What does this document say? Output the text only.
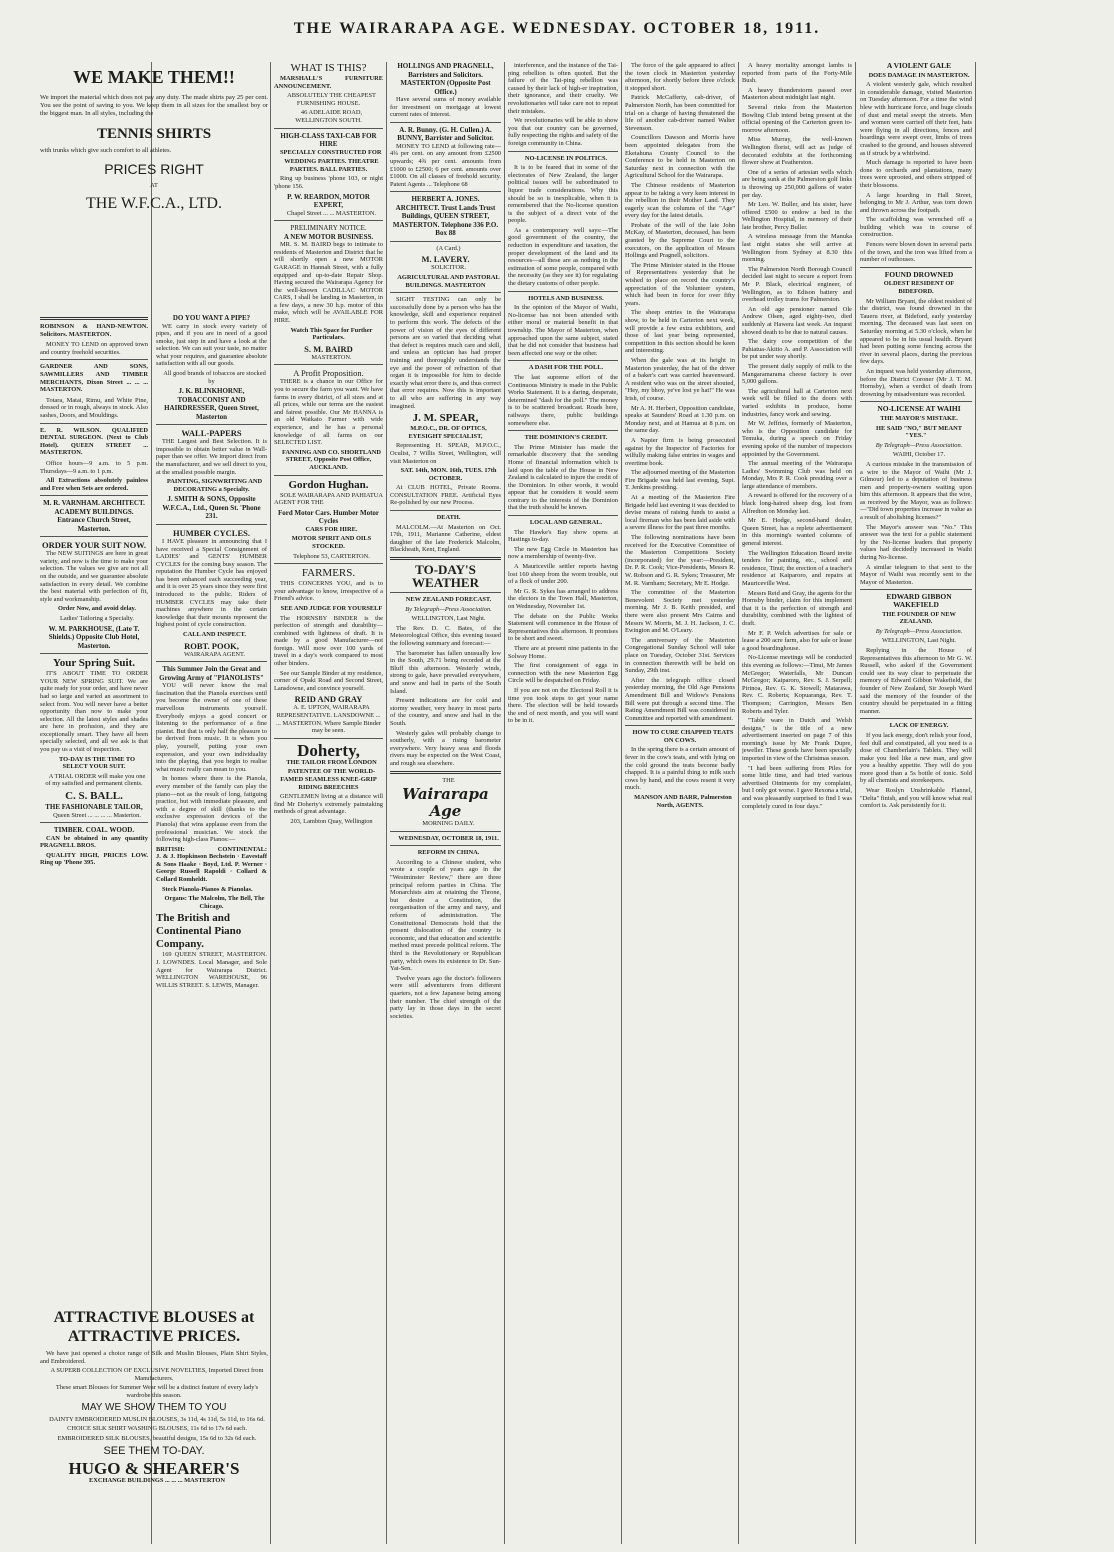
THE WAIRARAPA AGE. WEDNESDAY. OCTOBER 18, 1911.
WE MAKE THEM!!

We import the material which does not pay any duty. The made shirts pay 25 per cent. You see the point of saving to you. We keep them in all sizes for the smallest boy or the biggest man. In all styles, including the

TENNIS SHIRTS

with trunks which give such comfort to all athletes.

PRICES RIGHT
AT
THE W.F.C.A., LTD.
ROBINSON & HAND-NEWTON. Solicitors. MASTERTON.

MONEY TO LEND on approved town and country freehold securities.

GARDNER AND SONS, SAWMILLERS AND TIMBER MERCHANTS, Dixon Street ... ... ... MASTERTON.

Totara, Matai, Rimu, and White Pine, dressed or in rough, always in stock. Also sashes, Doors, and Mouldings.

E. R. WILSON. QUALIFIED DENTAL SURGEON. (Next to Club Hotel). QUEEN STREET ... MASTERTON.

Office hours—9 a.m. to 5 p.m. Thursdays—9 a.m. to 1 p.m.

All Extractions absolutely painless and Free when Sets are ordered.

M. R. VARNHAM. ARCHITECT. ACADEMY BUILDINGS. Entrance Church Street, Masterton.
ORDER YOUR SUIT NOW.

The NEW SUITINGS are here in great variety, and now is the time to make your selection. The values we give are not all on the outside, and we guarantee absolute satisfaction in every detail. We combine the best material with perfection of fit, style and workmanship.

Order Now, and avoid delay.

Ladies' Tailoring a Specialty.

W. M. PARKHOUSE, (Late T. Shields.) Opposite Club Hotel, Masterton.
Your Spring Suit.

IT'S ABOUT TIME TO ORDER YOUR NEW SPRING SUIT. We are quite ready for your order, and have never had so large and varied an assortment to select from. You will never have a better opportunity than now to make your selection. All the latest styles and shades are here in profusion, and they are exceptionally smart. They have all been specially selected, and all we ask is that you pay us a visit of inspection.

TO-DAY IS THE TIME TO SELECT YOUR SUIT.

A TRIAL ORDER will make you one of my satisfied and permanent clients.

C. S. BALL.
THE FASHIONABLE TAILOR,

Queen Street ... ... ... ... Masterton.

TIMBER. COAL. WOOD.

CAN be obtained in any quantity PRAGNELL BROS.

QUALITY HIGH, PRICES LOW. Ring up 'Phone 395.

DO YOU WANT A PIPE?

WE carry in stock every variety of pipes, and if you are in need of a good smoke, just step in and have a look at the selection. We can suit your taste, no matter what your requires, and guarantee absolute satisfaction with all our goods.

All good brands of tobaccos are stocked by

J. K. BLINKHORNE, TOBACCONIST AND HAIRDRESSER, Queen Street, Masterton
WALL-PAPERS

THE Largest and Best Selection. It is impossible to obtain better value in Wall-paper than we offer. We import direct from the manufacturer, and we sell direct to you, at the smallest possible margin.

PAINTING, SIGNWRITING AND DECORATING a Specialty.

J. SMITH & SONS, Opposite W.F.C.A., Ltd., Queen St. 'Phone 231.
HUMBER CYCLES.

I HAVE pleasure in announcing that I have received a Special Consignment of LADIES' and GENTS' HUMBER CYCLES for the coming busy season. The reputation the Humber Cycle has enjoyed has been enhanced each succeeding year, and it is over 25 years since they were first introduced to the public. Riders of HUMBER CYCLES may take their machines anywhere in the certain knowledge that their mounts represent the highest point of cycle construction.

CALL AND INSPECT.

ROBT. POOK,

WAIRARAPA AGENT.

This Summer Join the Great and Growing Army of "PIANOLISTS"

YOU will never know the real fascination that the Pianola exercises until you become the owner of one of these marvellous instruments yourself. Everybody enjoys a good concert or listening to the performance of a fine pianist. But that is only half the pleasure to be derived from music. It is when you play, yourself, putting your own expression, and your own individuality into the playing, that you begin to realise what music really can mean to you.

In homes where there is the Pianola, every member of the family can play the piano—not as the result of long, fatiguing practice, but with immediate pleasure, and with a degree of skill (thanks to the exclusive expression devices of the Pianola) that wins applause even from the professional musician. We stock the following high-class Pianos:—

BRITISH:	CONTINENTAL:

J. & J. Hopkinson Bechstein · Eavestaff & Sons Haake · Boyd, Ltd. P. Werner · George Russell Rapoldi · Collard & Collard Romheldt.

Steck Pianola-Pianos & Pianolas.

Organs: The Malcolm, The Bell, The Chicago.

The British and Continental Piano Company.

169 QUEEN STREET, MASTERTON. J. LOWNDES. Local Manager, and Sole Agent for Wairarapa District. WELLINGTON WAREHOUSE, 96 WILLIS STREET. S. LEWIS, Manager.

ATTRACTIVE BLOUSES at ATTRACTIVE PRICES.

We have just opened a choice range of Silk and Muslin Blouses, Plain Shirt Styles, and Embroidered.

A SUPERB COLLECTION OF EXCLUSIVE NOVELTIES, Imported Direct from Manufacturers.

These smart Blouses for Summer Wear will be a distinct feature of every lady's wardrobe this season.

MAY WE SHOW THEM TO YOU

DAINTY EMBROIDERED MUSLIN BLOUSES, 3s 11d, 4s 11d, 5s 11d, to 16s 6d.

CHOICE SILK SHIRT WASHING BLOUSES, 11s 6d to 17s 6d each.

EMBROIDERED SILK BLOUSES, beautiful designs, 15s 6d to 32s 6d each.

SEE THEM TO-DAY.
HUGO & SHEARER'S

EXCHANGE BUILDINGS ... ... ... MASTERTON

WHAT IS THIS?

MARSHALL'S FURNITURE ANNOUNCEMENT.

ABSOLUTELY THE CHEAPEST FURNISHING HOUSE.

46 ADELAIDE ROAD, WELLINGTON SOUTH.

HIGH-CLASS TAXI-CAB FOR HIRE

SPECIALLY CONSTRUCTED FOR

WEDDING PARTIES. THEATRE PARTIES. BALL PARTIES.

Ring up business 'phone 103, or night 'phone 156.

P. W. REARDON, MOTOR EXPERT,

Chapel Street ... ... MASTERTON.

PRELIMINARY NOTICE.
A NEW MOTOR BUSINESS.

MR. S. M. BAIRD begs to intimate to residents of Masterton and District that he will shortly open a new MOTOR GARAGE in Hannah Street, with a fully equipped and up-to-date Repair Shop. Having secured the Wairarapa Agency for the well-known CADILLAC MOTOR CARS, I shall be landing in Masterton, in a few days, a new 30 h.p. motor of this make, which will be AVAILABLE FOR HIRE.

Watch This Space for Further Particulars.

S. M. BAIRD

MASTERTON.

A Profit Proposition.

THERE is a chance in our Office for you to secure the farm you want. We have farms in every district, of all sizes and at all prices, while our terms are the easiest and fairest possible. Our Mr HANNA is an old Waikato Farmer with wide experience, and he has a personal knowledge of all farms on our SELECTED LIST.

FANNING AND CO. SHORTLAND STREET, Opposite Post Office, AUCKLAND.

Gordon Hughan.

SOLE WAIRARAPA AND PAHIATUA AGENT FOR THE

Ford Motor Cars. Humber Motor Cycles

CARS FOR HIRE.

MOTOR SPIRIT AND OILS STOCKED.

Telephone 53, CARTERTON.

FARMERS.

THIS CONCERNS YOU, and is to your advantage to know, irrespective of a Friend's advice.

SEE AND JUDGE FOR YOURSELF

The HORNSBY BINDER is the perfection of strength and durability—combined with lightness of draft. It is made by a good Manufacturer—not foreign. Will mow over 100 yards of travel in a day's work compared to most other binders.

See our Sample Binder at my residence, corner of Opaki Road and Second Street, Lansdowne, and convince yourself.

REID AND GRAY

A. E. UPTON, WAIRARAPA REPRESENTATIVE. LANSDOWNE ... ... MASTERTON. Where Sample Binder may be seen.

Doherty,

THE TAILOR FROM LONDON

PATENTEE OF THE WORLD-FAMED SEAMLESS KNEE-GRIP RIDING BREECHES

GENTLEMEN living at a distance will find Mr Doherty's extremely painstaking methods of great advantage.

203, Lambton Quay, Wellington

HOLLINGS AND PRAGNELL, Barristers and Solicitors. MASTERTON (Opposite Post Office.)

Have several sums of money available for investment on mortgage at lowest current rates of interest.

A. R. Bunny. (G. H. Cullen.) A. BUNNY, Barrister and Solicitor.

MONEY TO LEND at following rate—4¾ per cent. on any amount from £2500 upwards; 4¾ per cent. amounts from £1000 to £2500; 6 per cent. amounts over £1000. On all classes of freehold security. Patent Agents ... Telephone 68

HERBERT A. JONES. ARCHITECT. Trust Lands Trust Buildings, QUEEN STREET, MASTERTON. Telephone 336 P.O. Box 88

(A Card.)

M. LAVERY.

SOLICITOR.

AGRICULTURAL AND PASTORAL BUILDINGS. MASTERTON

SIGHT TESTING can only be successfully done by a person who has the knowledge, skill and experience required to perform this work. The defects of the power of vision of the eyes of different persons are so varied that deciding what that defect is requires much care and skill, and unless an optician has had proper training and thoroughly understands the eye and the power of refraction of that organ it is impossible for him to decide exactly what error there is, and thus correct that error requires. Now this is important to all who are suffering in any way imagined.

J. M. SPEAR,

M.P.O.C., DR. OF OPTICS, EYESIGHT SPECIALIST,

Representing H. SPEAR, M.P.O.C., Oculist, 7 Willis Street, Wellington, will visit Masterton on

SAT. 14th, MON. 16th, TUES. 17th OCTOBER.

At CLUB HOTEL, Private Rooms. CONSULTATION FREE. Artificial Eyes Re-polished by our new Process.

DEATH.

MALCOLM.—At Masterton on Oct. 17th, 1911, Marianne Catherine, eldest daughter of the late Frederick Malcolm, Blackheath, Kent, England.

TO-DAY'S WEATHER

NEW ZEALAND FORECAST.

By Telegraph—Press Association.

WELLINGTON, Last Night.

The Rev. D. C. Bates, of the Meteorological Office, this evening issued the following summary and forecast:—

The barometer has fallen unusually low in the South, 29.71 being recorded at the Bluff this afternoon. Westerly winds, strong to gale, have prevailed everywhere, and snow and hail in parts of the South Island.

Present indications are for cold and stormy weather, very heavy in most parts of the country, and snow and hail in the South.

Westerly gales will probably change to southerly, with a rising barometer everywhere. Very heavy seas and floods rivers may be expected on the West Coast, and rough sea elsewhere.

THE

Wairarapa Age

MORNING DAILY.

WEDNESDAY, OCTOBER 18, 1911.

REFORM IN CHINA.

According to a Chinese student, who wrote a couple of years ago in the "Westminster Review," there are three principal reform parties in China. The Monarchists aim at retaining the Throne, but desire a Constitution, the reorganisation of the army and navy, and reform of administration. The Constitutional Democrats hold that the present dislocation of the country is economic, and that education and scientific method must precede political reform. The third is the Revolutionary or Republican party, which owes its existence to Dr. Sun-Yat-Sen.

Twelve years ago the doctor's followers were still adventurers from different quarters, not a few Japanese being among their number. The chief strength of the party lay in those days in the secret societies.

interference, and the instance of the Tai-ping rebellion is often quoted. But the failure of the Tai-ping rebellion was caused by their lack of high-er inspiration, their ignorance, and their cruelty. We revolutionaries will take care not to repeat their mistakes.

We revolutionaries will be able to show you that our country can be governed, fully respecting the rights and safety of the foreign community in China.

NO-LICENSE IN POLITICS.

It is to be feared that in some of the electorates of New Zealand, the larger political issues will be subordinated to liquor trade considerations. Why this should be so is inexplicable, when it is remembered that the No-license question is the subject of a direct vote of the people.

As a contemporary well says:—The good government of the country, the reduction in expenditure and taxation, the proper development of the land and its resources—all these are as nothing in the estimation of some people, compared with the necessity (as they see it) for regulating the dietary customs of other people.

HOTELS AND BUSINESS.

In the opinion of the Mayor of Waihi, No-license has not been attended with either moral or material benefit in that township. The Mayor of Masterton, when approached upon the same subject, stated that he did not consider that business had been affected one way or the other.

A DASH FOR THE POLL.

The last supreme effort of the Continuous Ministry is made in the Public Works Statement. It is a daring, desperate, determined "dash for the poll." The money is to be scattered broadcast. Roads here, railways there, public buildings somewhere else.

THE DOMINION'S CREDIT.

The Prime Minister has made the remarkable discovery that the sending Home of financial information which is laid upon the table of the House in New Zealand is calculated to injure the credit of the Dominion. In other words, it would appear that he considers it would seem contrary to the interests of the Dominion that the truth should be known.

LOCAL AND GENERAL.

The Hawke's Bay show opens at Hastings to-day.

The new Egg Circle in Masterton has now a membership of twenty-five.

A Mauriceville settler reports having lost 160 sheep from the worm trouble, out of a flock of under 200.

Mr G. R. Sykes has arranged to address the electors in the Town Hall, Masterton, on Wednesday, November 1st.

The debate on the Public Works Statement will commence in the House of Representatives this afternoon. It promises to be short and sweet.

There are at present nine patients in the Solway Home.

The first consignment of eggs in connection with the new Masterton Egg Circle will be despatched on Friday.

If you are not on the Electoral Roll it is time you took steps to get your name there. The election will be held towards the end of next month, and you will want to be in it.

The force of the gale appeared to affect the town clock in Masterton yesterday afternoon, for shortly before three o'clock it stopped short.

Patrick McCafferty, cab-driver, of Palmerston North, has been committed for trial on a charge of having threatened the life of another cab-driver named Walter Stevenson.

Councillors Dawson and Morris have been appointed delegates from the Eketahuna County Council to the Conference to be held in Masterton on Saturday next in connection with the Agricultural School for the Wairarapa.

The Chinese residents of Masterton appear to be taking a very keen interest in the rebellion in their Mother Land. They eagerly scan the columns of the "Age" every day for the latest details.

Probate of the will of the late John McKay, of Masterton, deceased, has been granted by the Supreme Court to the executors, on the application of Messrs Hollings and Pragnell, solicitors.

The Prime Minister stated in the House of Representatives yesterday that he wished to place on record the country's appreciation of the Volunteer system, which had been in force for over fifty years.

The sheep entries in the Wairarapa show, to be held in Carterton next week, will provide a few extra exhibitors, and those of last year being represented, competition in this section should be keen and interesting.

When the gale was at its height in Masterton yesterday, the hat of the driver of a baker's cart was carried heavenward. A resident who was on the street shouted, "Hey, my bhoy, ye've lost ye hat!" He was Irish, of course.

Mr A. H. Herbert, Opposition candidate, speaks at Saunders' Road at 1.30 p.m. on Monday next, and at Hamua at 8 p.m. on the same day.

A Napier firm is being prosecuted against by the Inspector of Factories for wilfully making false entries in wages and overtime book.

The adjourned meeting of the Masterton Fire Brigade was held last evening, Supt. T. Jenkins presiding.

At a meeting of the Masterton Fire Brigade held last evening it was decided to devise means of raising funds to assist a local fireman who has been laid aside with a severe illness for the past three months.

The following nominations have been received for the Executive Committee of the Masterton Competitions Society (incorporated) for the year:—President, Dr. P. R. Cook; Vice-Presidents, Messrs R. W. Robson and G. R. Sykes; Treasurer, Mr M. R. Varnham; Secretary, Mr E. Hodge.

The committee of the Masterton Benevolent Society met yesterday morning. Mr J. B. Keith presided, and there were also present Mrs Cairns and Messrs W. Morris, M. J. H. Jackson, J. C. Ewington and M. O'Leary.

The anniversary of the Masterton Congregational Sunday School will take place on Tuesday, October 31st. Services in connection therewith will be held on Sunday, 29th inst.

After the telegraph office closed yesterday morning, the Old Age Pensions Amendment Bill and Widow's Pensions Bill were put through a second time. The Rating Amendment Bill was considered in Committee and reported with amendment.

HOW TO CURE CHAPPED TEATS ON COWS.

In the spring there is a certain amount of fever in the cow's teats, and with lying on the cold ground the teats become badly chapped. It is a painful thing to milk such cows by hand, and the cows resent it very much.

MANSON AND BARR, Palmerston North, AGENTS.

A heavy mortality amongst lambs is reported from parts of the Forty-Mile Bush.

A heavy thunderstorm passed over Masterton about midnight last night.

Several rinks from the Masterton Bowling Club intend being present at the official opening of the Carterton green to-morrow afternoon.

Miss Murray, the well-known Wellington florist, will act as judge of decorated exhibits at the forthcoming flower show at Featherston.

One of a series of artesian wells which are being sunk at the Palmerston golf links is throwing up 250,000 gallons of water per day.

Mr Leo. W. Buller, and his sister, have offered £500 to endow a bed in the Wellington Hospital, in memory of their late brother, Percy Buller.

A wireless message from the Manuka last night states she will arrive at Wellington from Sydney at 8.30 this morning.

The Palmerston North Borough Council decided last night to secure a report from Mr P. Black, electrical engineer, of Wellington, as to Edison battery and overhead trolley trams for Palmerston.

An old age pensioner named Ole Andrew Olsen, aged eighty-two, died suddenly at Hawera last week. An inquest showed death to be due to natural causes.

The dairy cow competition of the Pahiatua-Akitio A. and P. Association will be put under way shortly.

The present daily supply of milk to the Mangaramarama cheese factory is over 5,000 gallons.

The agricultural hall at Carterton next week will be filled to the doors with varied exhibits in produce, home industries, fancy work and sewing.

Mr W. Jeffries, formerly of Masterton, who is the Opposition candidate for Temuka, during a speech on Friday evening spoke of the number of inspectors appointed by the Government.

The annual meeting of the Wairarapa Ladies' Swimming Club was held on Monday, Mrs P. R. Cook presiding over a large attendance of members.

A reward is offered for the recovery of a black long-haired sheep dog, lost from Alfredton on Monday last.

Mr E. Hodge, second-hand dealer, Queen Street, has a replete advertisement in this morning's wanted columns of general interest.

The Wellington Education Board invite tenders for painting, etc., school and residence, Tinui; the erection of a teacher's residence at Kaiparoro, and repairs at Mauriceville West.

Messrs Reid and Gray, the agents for the Hornsby binder, claim for this implement that it is the perfection of strength and durability, combined with the lightest of draft.

Mr F. P. Welch advertises for sale or lease a 200 acre farm, also for sale or lease a good boardinghouse.

No-License meetings will be conducted this evening as follows:—Tinui, Mr James McGregor; Waterfalls, Mr Duncan McGregor; Kaiparoro, Rev. S. J. Serpell; Pirinoa, Rev. G. K. Stowell; Matarawa, Rev. C. Roberts; Kopuaranga, Rev. T. Thompson; Carrington, Messrs Ben Roberts and Tyler.

"Table ware in Dutch and Welsh designs," is the title of a new advertisement inserted on page 7 of this morning's issue by Mr Frank Dupre, jeweller. These goods have been specially imported in view of the Christmas season.

"I had been suffering from Piles for some little time, and had tried various advertised Ointments for my complaint, but I only got worse. I gave Rexona a trial, and was pleasantly surprised to find I was completely cured in four days."

A VIOLENT GALE

DOES DAMAGE IN MASTERTON.

A violent westerly gale, which resulted in considerable damage, visited Masterton on Tuesday afternoon. For a time the wind blew with hurricane force, and huge clouds of dust and metal swept the streets. Men and women were carried off their feet, hats were flying in all directions, fences and hoardings were swept over, limbs of trees crashed to the ground, and houses shivered as if struck by a whirlwind.

Much damage is reported to have been done to orchards and plantations, many trees were uprooted, and others stripped of their blossoms.

A large hoarding in Hall Street, belonging to Mr J. Arthur, was torn down and thrown across the footpath.

The scaffolding was wrenched off a building which was in course of construction.

Fences were blown down in several parts of the town, and the iron was lifted from a number of outhouses.

FOUND DROWNED

OLDEST RESIDENT OF BIDEFORD.

Mr William Bryant, the oldest resident of the district, was found drowned in the Taueru river, at Bideford, early yesterday morning. The deceased was last seen on Saturday morning at 5.30 o'clock, when he appeared to be in his usual health. Bryant had been putting some fencing across the river in several places, during the previous few days.

An inquest was held yesterday afternoon, before the District Coroner (Mr J. T. M. Hornsby), when a verdict of death from drowning by misadventure was recorded.

NO-LICENSE AT WAIHI

THE MAYOR'S MISTAKE.

HE SAID "NO," BUT MEANT "YES."

By Telegraph—Press Association.

WAIHI, October 17.

A curious mistake in the transmission of a wire to the Mayor of Waihi (Mr J. Gilmour) led to a deputation of business men and property-owners waiting upon him this afternoon. It appears that the wire, as received by the Mayor, was as follows:—"Did town properties increase in value as a result of abolishing licenses?"

The Mayor's answer was "No." This answer was the text for a public statement by the No-license leaders that property values had decidedly increased in Waihi during No-license.

A similar telegram to that sent to the Mayor of Waihi was recently sent to the Mayor of Masterton.

EDWARD GIBBON WAKEFIELD

THE FOUNDER OF NEW ZEALAND.

By Telegraph—Press Association.

WELLINGTON, Last Night.

Replying in the House of Representatives this afternoon to Mr G. W. Russell, who asked if the Government could see its way clear to perpetuate the memory of Edward Gibbon Wakefield, the founder of New Zealand, Sir Joseph Ward said the memory of the founder of the country should be perpetuated in a fitting manner.

LACK OF ENERGY.

If you lack energy, don't relish your food, feel dull and constipated, all you need is a dose of Chamberlain's Tablets. They will make you feel like a new man, and give you a healthy appetite. They will do you more good than a 5s bottle of tonic. Sold by all chemists and storekeepers.

Wear Roslyn Unshrinkable Flannel, "Delta" finish, and you will know what real comfort is. Ask persistently for it.
